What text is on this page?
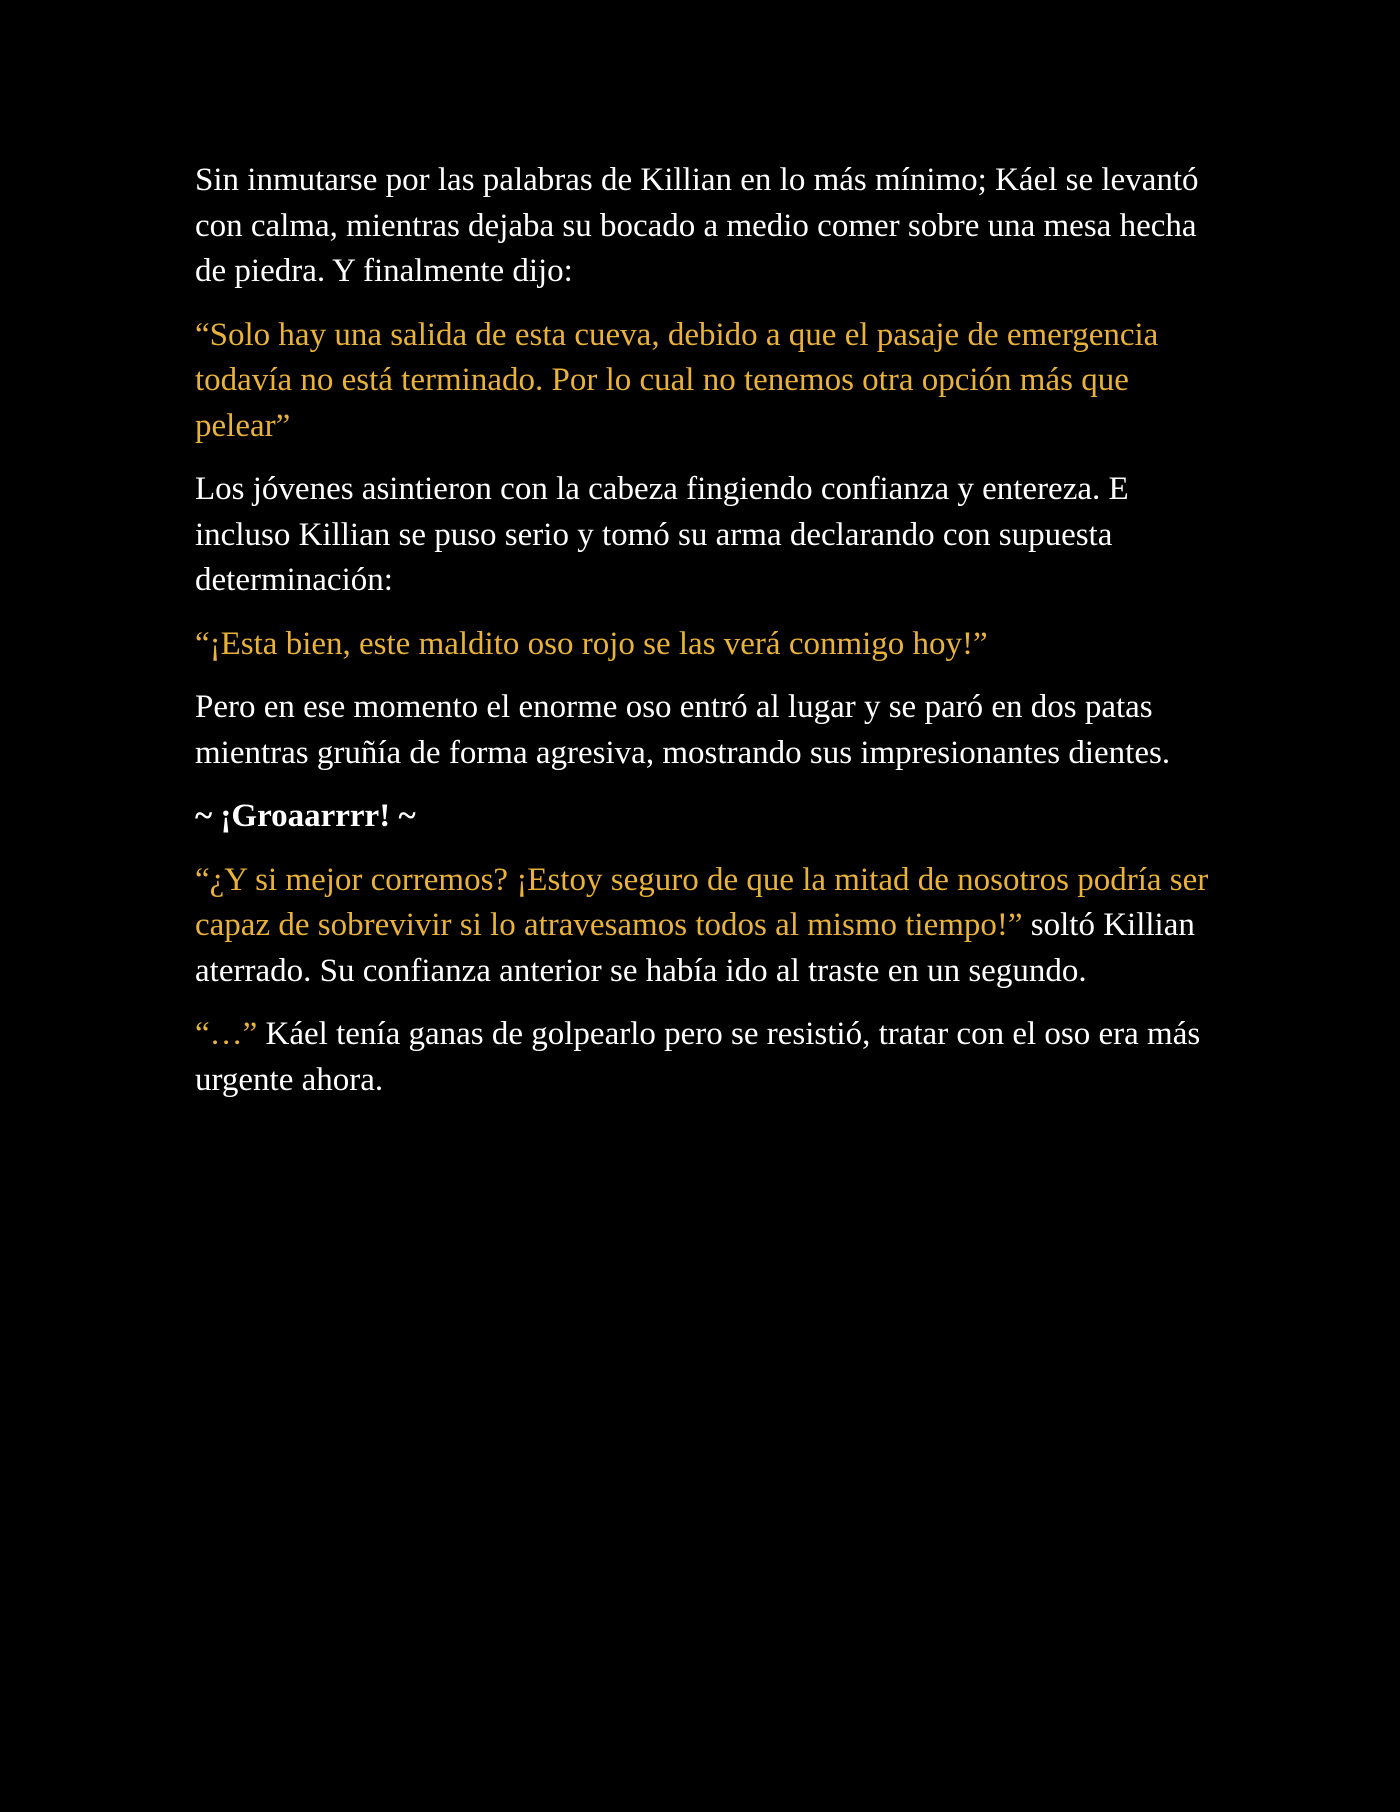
Sin inmutarse por las palabras de Killian en lo más mínimo; Káel se levantó con calma, mientras dejaba su bocado a medio comer sobre una mesa hecha de piedra. Y finalmente dijo:

“Solo hay una salida de esta cueva, debido a que el pasaje de emergencia todavía no está terminado. Por lo cual no tenemos otra opción más que pelear”

Los jóvenes asintieron con la cabeza fingiendo confianza y entereza. E incluso Killian se puso serio y tomó su arma declarando con supuesta determinación:

“¡Esta bien, este maldito oso rojo se las verá conmigo hoy!”

Pero en ese momento el enorme oso entró al lugar y se paró en dos patas mientras gruñía de forma agresiva, mostrando sus impresionantes dientes.

~ ¡Groaarrrr! ~

“¿Y si mejor corremos? ¡Estoy seguro de que la mitad de nosotros podría ser capaz de sobrevivir si lo atravesamos todos al mismo tiempo!” soltó Killian aterrado. Su confianza anterior se había ido al traste en un segundo.

“…” Káel tenía ganas de golpearlo pero se resistió, tratar con el oso era más urgente ahora.
